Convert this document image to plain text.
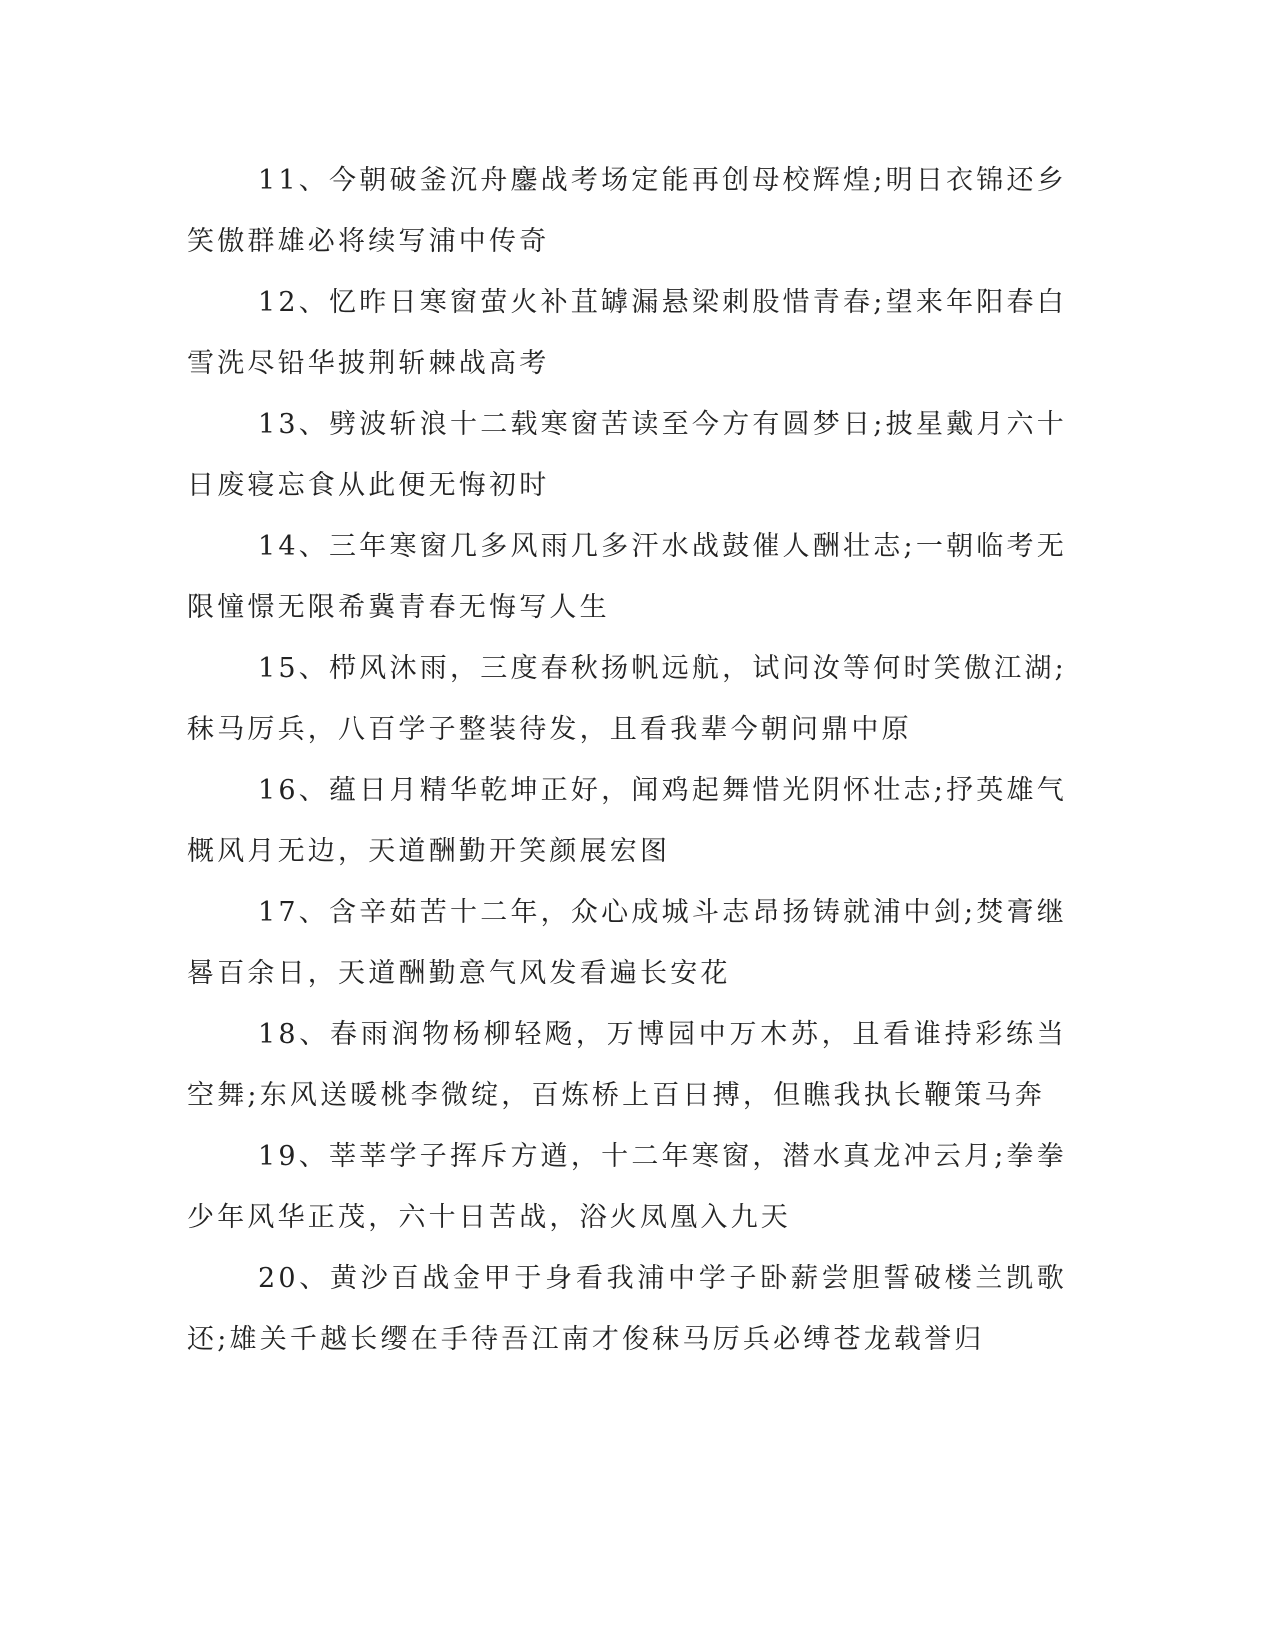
11、今朝破釜沉舟鏖战考场定能再创母校辉煌;明日衣锦还乡笑傲群雄必将续写浦中传奇

12、忆昨日寒窗萤火补苴罅漏悬梁刺股惜青春;望来年阳春白雪洗尽铅华披荆斩棘战高考

13、劈波斩浪十二载寒窗苦读至今方有圆梦日;披星戴月六十日废寝忘食从此便无悔初时

14、三年寒窗几多风雨几多汗水战鼓催人酬壮志;一朝临考无限憧憬无限希冀青春无悔写人生

15、栉风沐雨，三度春秋扬帆远航，试问汝等何时笑傲江湖;秣马厉兵，八百学子整装待发，且看我辈今朝问鼎中原

16、蕴日月精华乾坤正好，闻鸡起舞惜光阴怀壮志;抒英雄气概风月无边，天道酬勤开笑颜展宏图

17、含辛茹苦十二年，众心成城斗志昂扬铸就浦中剑;焚膏继晷百余日，天道酬勤意气风发看遍长安花

18、春雨润物杨柳轻飏，万博园中万木苏，且看谁持彩练当空舞;东风送暖桃李微绽，百炼桥上百日搏，但瞧我执长鞭策马奔

19、莘莘学子挥斥方遒，十二年寒窗，潜水真龙冲云月;拳拳少年风华正茂，六十日苦战，浴火凤凰入九天

20、黄沙百战金甲于身看我浦中学子卧薪尝胆誓破楼兰凯歌还;雄关千越长缨在手待吾江南才俊秣马厉兵必缚苍龙载誉归
